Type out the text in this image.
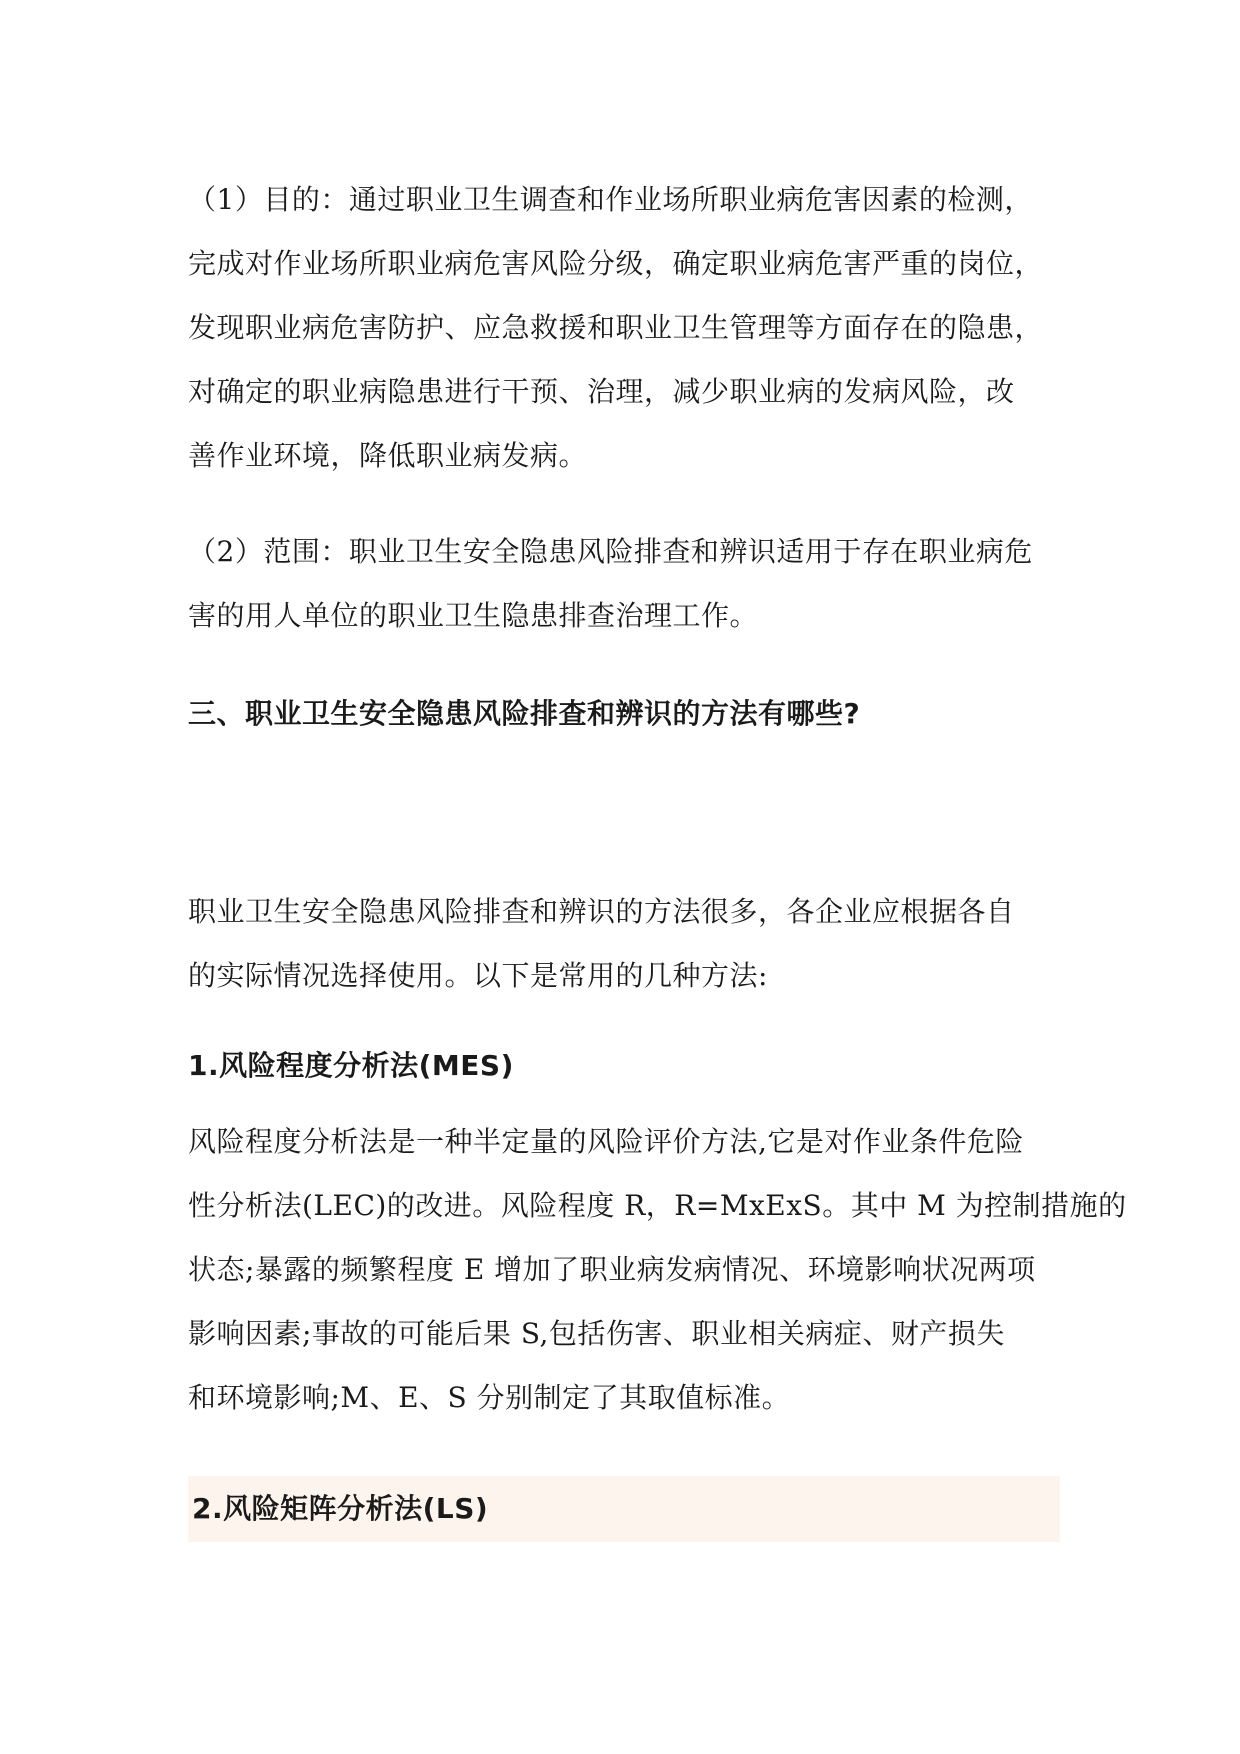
（1）目的：通过职业卫生调查和作业场所职业病危害因素的检测，
完成对作业场所职业病危害风险分级，确定职业病危害严重的岗位，
发现职业病危害防护、应急救援和职业卫生管理等方面存在的隐患，
对确定的职业病隐患进行干预、治理，减少职业病的发病风险，改
善作业环境，降低职业病发病。
（2）范围：职业卫生安全隐患风险排查和辨识适用于存在职业病危
害的用人单位的职业卫生隐患排查治理工作。
三、职业卫生安全隐患风险排查和辨识的方法有哪些?
职业卫生安全隐患风险排查和辨识的方法很多，各企业应根据各自
的实际情况选择使用。以下是常用的几种方法:
1.风险程度分析法(MES)
风险程度分析法是一种半定量的风险评价方法,它是对作业条件危险
性分析法(LEC)的改进。风险程度 R，R=MxExS。其中 M 为控制措施的
状态;暴露的频繁程度 E 增加了职业病发病情况、环境影响状况两项
影响因素;事故的可能后果 S,包括伤害、职业相关病症、财产损失
和环境影响;M、E、S 分别制定了其取值标准。
2.风险矩阵分析法(LS)
